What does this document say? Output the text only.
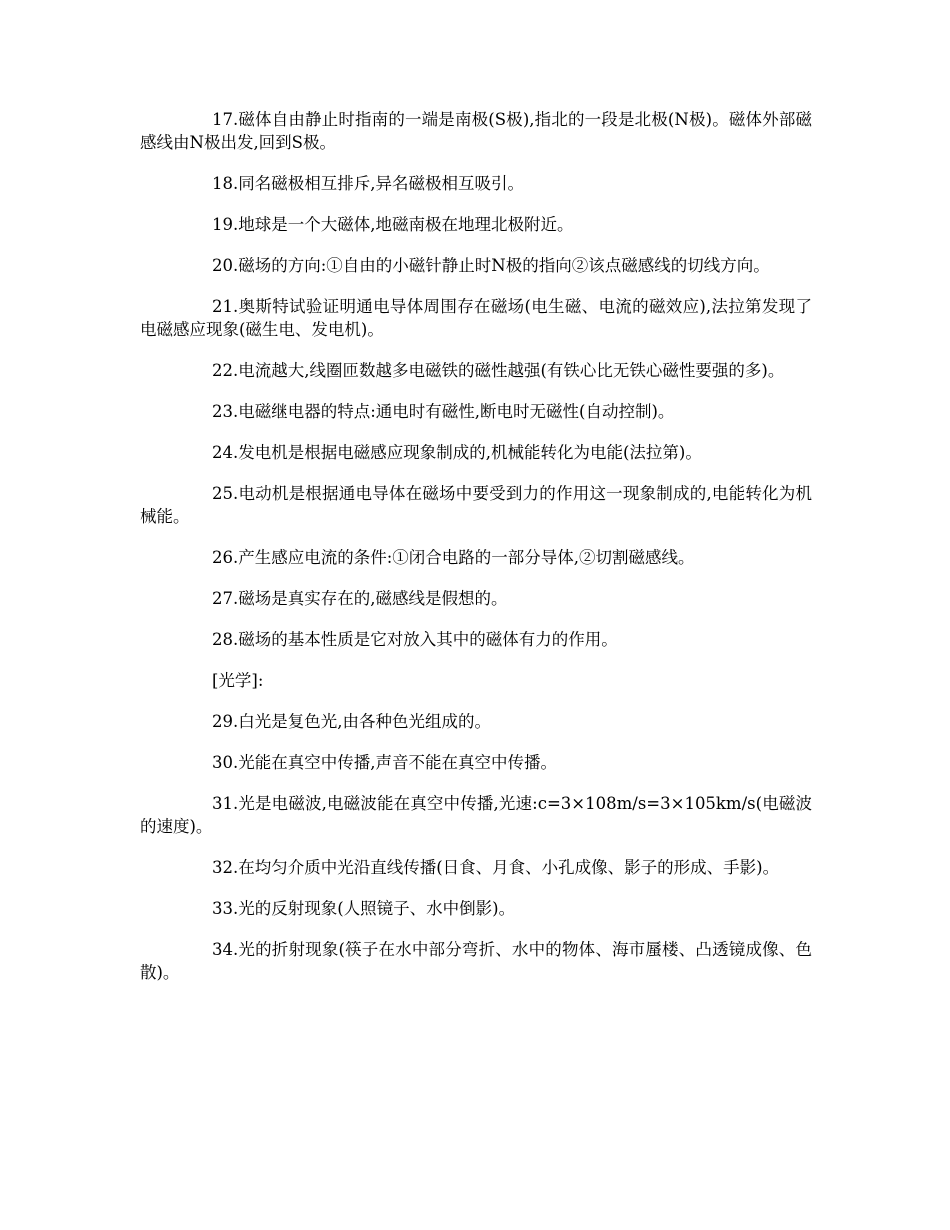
17.磁体自由静止时指南的一端是南极(S极),指北的一段是北极(N极)。磁体外部磁感线由N极出发,回到S极。

18.同名磁极相互排斥,异名磁极相互吸引。

19.地球是一个大磁体,地磁南极在地理北极附近。

20.磁场的方向:①自由的小磁针静止时N极的指向②该点磁感线的切线方向。

21.奥斯特试验证明通电导体周围存在磁场(电生磁、电流的磁效应),法拉第发现了电磁感应现象(磁生电、发电机)。

22.电流越大,线圈匝数越多电磁铁的磁性越强(有铁心比无铁心磁性要强的多)。

23.电磁继电器的特点:通电时有磁性,断电时无磁性(自动控制)。

24.发电机是根据电磁感应现象制成的,机械能转化为电能(法拉第)。

25.电动机是根据通电导体在磁场中要受到力的作用这一现象制成的,电能转化为机械能。

26.产生感应电流的条件:①闭合电路的一部分导体,②切割磁感线。

27.磁场是真实存在的,磁感线是假想的。

28.磁场的基本性质是它对放入其中的磁体有力的作用。

[光学]:

29.白光是复色光,由各种色光组成的。

30.光能在真空中传播,声音不能在真空中传播。

31.光是电磁波,电磁波能在真空中传播,光速:c=3×108m/s=3×105km/s(电磁波的速度)。

32.在均匀介质中光沿直线传播(日食、月食、小孔成像、影子的形成、手影)。

33.光的反射现象(人照镜子、水中倒影)。

34.光的折射现象(筷子在水中部分弯折、水中的物体、海市蜃楼、凸透镜成像、色散)。
